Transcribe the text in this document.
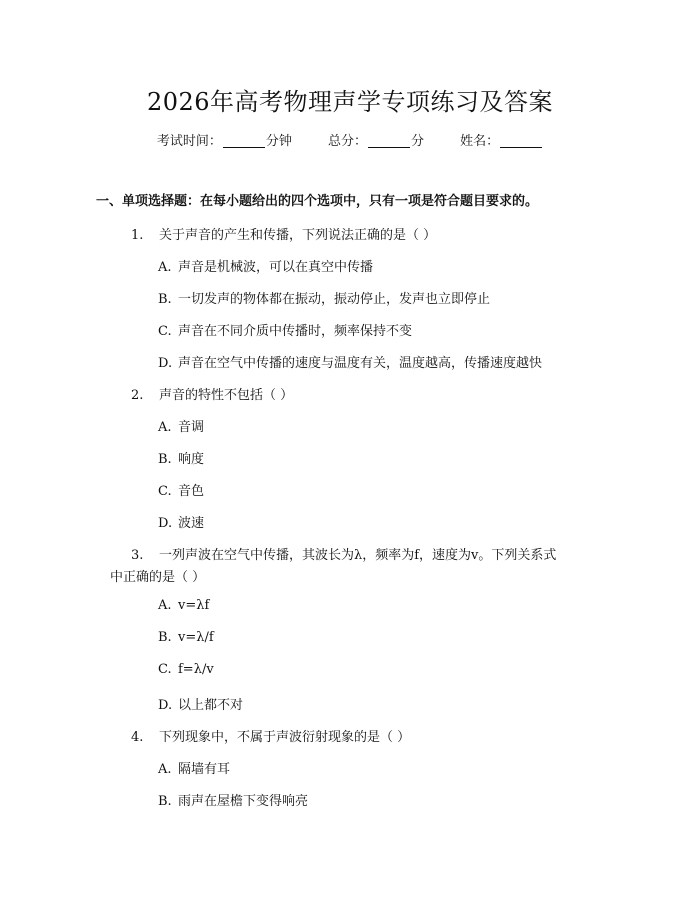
2026年高考物理声学专项练习及答案
考试时间：	分钟	总分：	分	姓名：
一、单项选择题：在每小题给出的四个选项中，只有一项是符合题目要求的。
1. 关于声音的产生和传播，下列说法正确的是（ ）
A. 声音是机械波，可以在真空中传播
B. 一切发声的物体都在振动，振动停止，发声也立即停止
C. 声音在不同介质中传播时，频率保持不变
D. 声音在空气中传播的速度与温度有关，温度越高，传播速度越快
2. 声音的特性不包括（ ）
A. 音调
B. 响度
C. 音色
D. 波速
3. 一列声波在空气中传播，其波长为λ，频率为f，速度为v。下列关系式
中正确的是（ ）
A. v=λf
B. v=λ/f
C. f=λ/v
D. 以上都不对
4. 下列现象中，不属于声波衍射现象的是（ ）
A. 隔墙有耳
B. 雨声在屋檐下变得响亮
